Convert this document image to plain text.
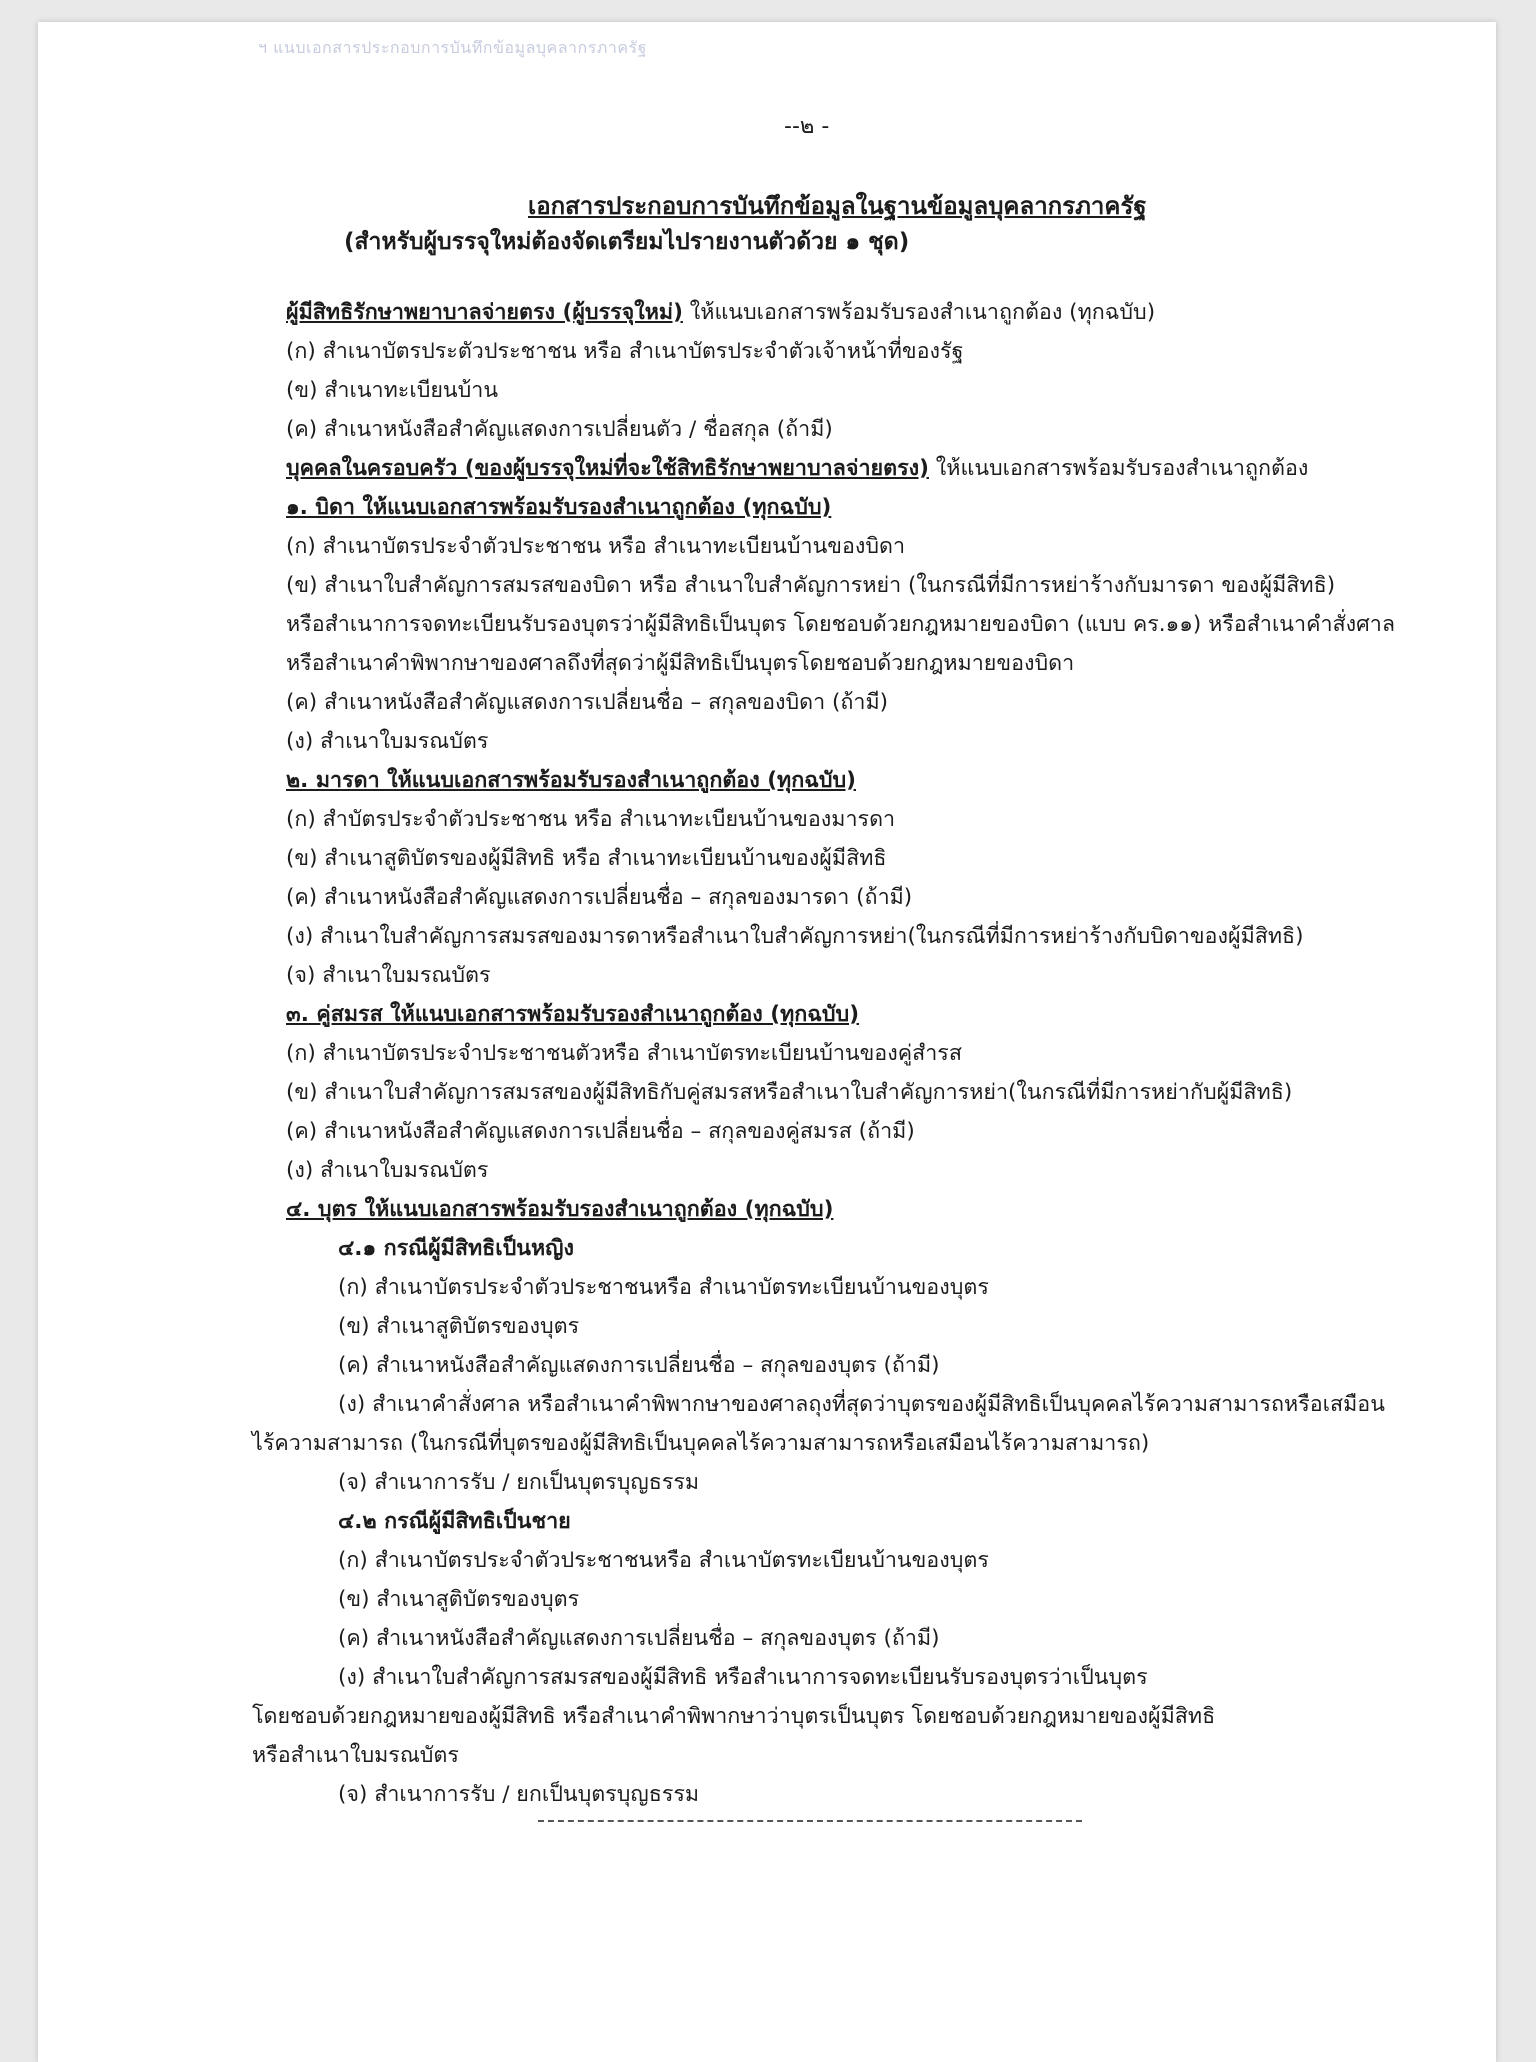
ฯ แนบเอกสารประกอบการบันทึกข้อมูลบุคลากรภาครัฐ
--๒ -
เอกสารประกอบการบันทึกข้อมูลในฐานข้อมูลบุคลากรภาครัฐ
(สำหรับผู้บรรจุใหม่ต้องจัดเตรียมไปรายงานตัวด้วย ๑ ชุด)
ผู้มีสิทธิรักษาพยาบาลจ่ายตรง (ผู้บรรจุใหม่) ให้แนบเอกสารพร้อมรับรองสำเนาถูกต้อง (ทุกฉบับ)
(ก) สำเนาบัตรประตัวประชาชน หรือ สำเนาบัตรประจำตัวเจ้าหน้าที่ของรัฐ
(ข) สำเนาทะเบียนบ้าน
(ค) สำเนาหนังสือสำคัญแสดงการเปลี่ยนตัว / ชื่อสกุล (ถ้ามี)
บุคคลในครอบครัว (ของผู้บรรจุใหม่ที่จะใช้สิทธิรักษาพยาบาลจ่ายตรง) ให้แนบเอกสารพร้อมรับรองสำเนาถูกต้อง
๑. บิดา ให้แนบเอกสารพร้อมรับรองสำเนาถูกต้อง (ทุกฉบับ)
(ก) สำเนาบัตรประจำตัวประชาชน หรือ สำเนาทะเบียนบ้านของบิดา
(ข) สำเนาใบสำคัญการสมรสของบิดา หรือ สำเนาใบสำคัญการหย่า (ในกรณีที่มีการหย่าร้างกับมารดา ของผู้มีสิทธิ)
หรือสำเนาการจดทะเบียนรับรองบุตรว่าผู้มีสิทธิเป็นบุตร โดยชอบด้วยกฎหมายของบิดา (แบบ คร.๑๑) หรือสำเนาคำสั่งศาล
หรือสำเนาคำพิพากษาของศาลถึงที่สุดว่าผู้มีสิทธิเป็นบุตรโดยชอบด้วยกฎหมายของบิดา
(ค) สำเนาหนังสือสำคัญแสดงการเปลี่ยนชื่อ – สกุลของบิดา (ถ้ามี)
(ง) สำเนาใบมรณบัตร
๒. มารดา ให้แนบเอกสารพร้อมรับรองสำเนาถูกต้อง (ทุกฉบับ)
(ก) สำบัตรประจำตัวประชาชน หรือ สำเนาทะเบียนบ้านของมารดา
(ข) สำเนาสูติบัตรของผู้มีสิทธิ หรือ สำเนาทะเบียนบ้านของผู้มีสิทธิ
(ค) สำเนาหนังสือสำคัญแสดงการเปลี่ยนชื่อ – สกุลของมารดา (ถ้ามี)
(ง) สำเนาใบสำคัญการสมรสของมารดาหรือสำเนาใบสำคัญการหย่า(ในกรณีที่มีการหย่าร้างกับบิดาของผู้มีสิทธิ)
(จ) สำเนาใบมรณบัตร
๓. คู่สมรส ให้แนบเอกสารพร้อมรับรองสำเนาถูกต้อง (ทุกฉบับ)
(ก) สำเนาบัตรประจำประชาชนตัวหรือ สำเนาบัตรทะเบียนบ้านของคู่สำรส
(ข) สำเนาใบสำคัญการสมรสของผู้มีสิทธิกับคู่สมรสหรือสำเนาใบสำคัญการหย่า(ในกรณีที่มีการหย่ากับผู้มีสิทธิ)
(ค) สำเนาหนังสือสำคัญแสดงการเปลี่ยนชื่อ – สกุลของคู่สมรส (ถ้ามี)
(ง) สำเนาใบมรณบัตร
๔. บุตร ให้แนบเอกสารพร้อมรับรองสำเนาถูกต้อง (ทุกฉบับ)
๔.๑ กรณีผู้มีสิทธิเป็นหญิง
(ก) สำเนาบัตรประจำตัวประชาชนหรือ สำเนาบัตรทะเบียนบ้านของบุตร
(ข) สำเนาสูติบัตรของบุตร
(ค) สำเนาหนังสือสำคัญแสดงการเปลี่ยนชื่อ – สกุลของบุตร (ถ้ามี)
(ง) สำเนาคำสั่งศาล หรือสำเนาคำพิพากษาของศาลถุงที่สุดว่าบุตรของผู้มีสิทธิเป็นบุคคลไร้ความสามารถหรือเสมือน
ไร้ความสามารถ (ในกรณีที่บุตรของผู้มีสิทธิเป็นบุคคลไร้ความสามารถหรือเสมือนไร้ความสามารถ)
(จ) สำเนาการรับ / ยกเป็นบุตรบุญธรรม
๔.๒ กรณีผู้มีสิทธิเป็นชาย
(ก) สำเนาบัตรประจำตัวประชาชนหรือ สำเนาบัตรทะเบียนบ้านของบุตร
(ข) สำเนาสูติบัตรของบุตร
(ค) สำเนาหนังสือสำคัญแสดงการเปลี่ยนชื่อ – สกุลของบุตร (ถ้ามี)
(ง) สำเนาใบสำคัญการสมรสของผู้มีสิทธิ หรือสำเนาการจดทะเบียนรับรองบุตรว่าเป็นบุตร
โดยชอบด้วยกฎหมายของผู้มีสิทธิ หรือสำเนาคำพิพากษาว่าบุตรเป็นบุตร โดยชอบด้วยกฎหมายของผู้มีสิทธิ
หรือสำเนาใบมรณบัตร
(จ) สำเนาการรับ / ยกเป็นบุตรบุญธรรม
